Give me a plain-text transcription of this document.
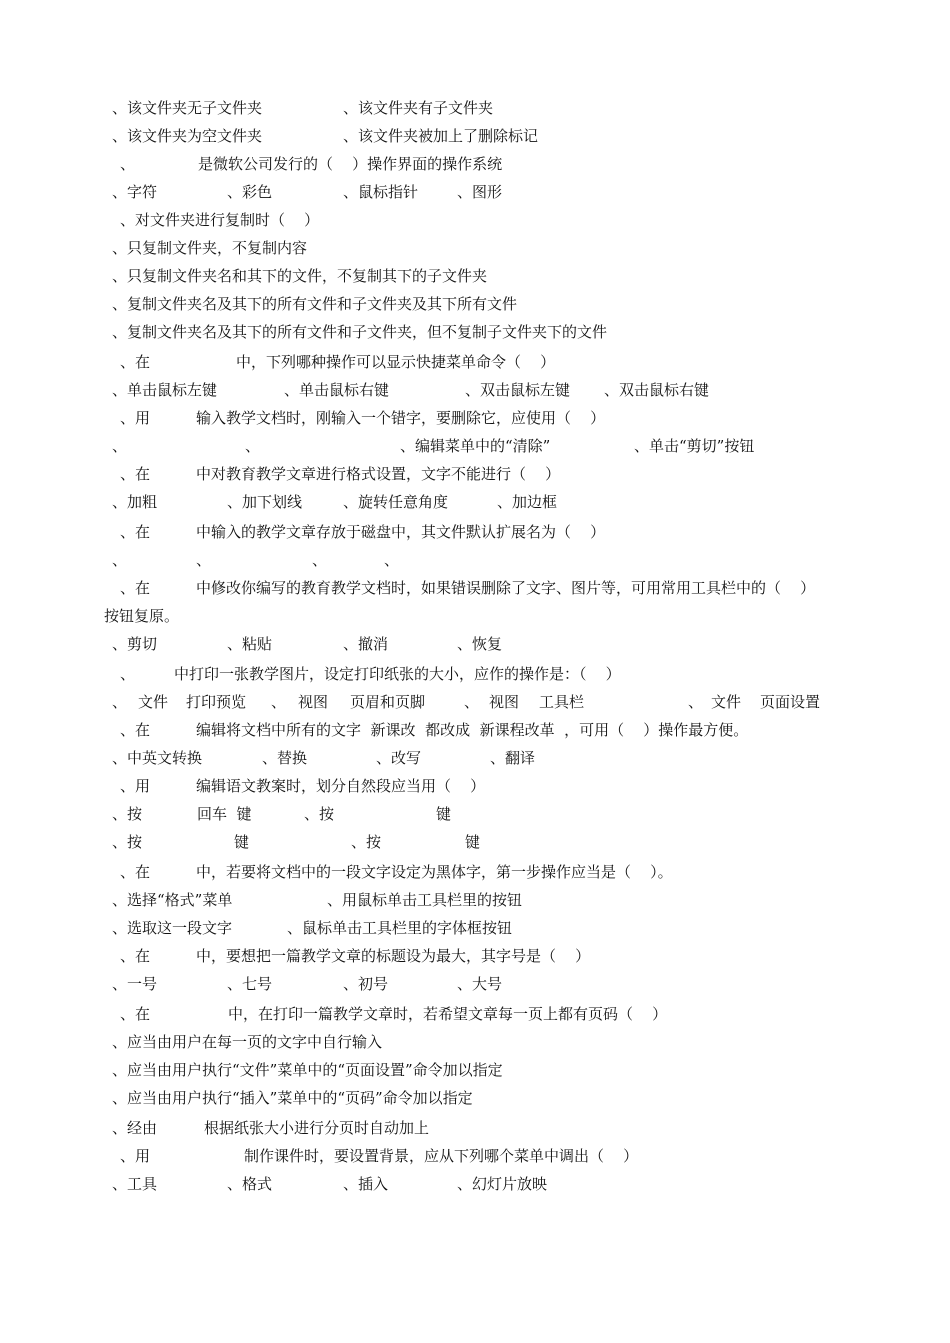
、该文件夹无子文件夹	、该文件夹有子文件夹
、该文件夹为空文件夹	、该文件夹被加上了删除标记
、	是微软公司发行的（    ）操作界面的操作系统
、字符	、彩色	、鼠标指针	、图形
、对文件夹进行复制时（    ）
、只复制文件夹，不复制内容
、只复制文件夹名和其下的文件，不复制其下的子文件夹
、复制文件夹名及其下的所有文件和子文件夹及其下所有文件
、复制文件夹名及其下的所有文件和子文件夹，但不复制子文件夹下的文件
、在	中，下列哪种操作可以显示快捷菜单命令（    ）
、单击鼠标左键	、单击鼠标右键	、双击鼠标左键 、双击鼠标右键
、用	输入教学文档时，刚输入一个错字，要删除它，应使用（    ）
、	、	、编辑菜单中的“清除”	、单击“剪切”按钮
、在	中对教育教学文章进行格式设置，文字不能进行（    ）
、加粗	、加下划线	、旋转任意角度	、加边框
、在	中输入的教学文章存放于磁盘中，其文件默认扩展名为（    ）
、	、	、	、
、在	中修改你编写的教育教学文档时，如果错误删除了文字、图片等，可用常用工具栏中的（    ）
按钮复原。
、剪切	、粘贴	、撤消	、恢复
、	中打印一张教学图片，设定打印纸张的大小，应作的操作是：（    ）
、 文件 打印预览 、 视图 页眉和页脚	、 视图 工具栏	、 文件 页面设置
、在	编辑将文档中所有的文字  新课改  都改成  新课程改革  ，可用（    ）操作最方便。
、中英文转换	、替换	、改写	、翻译
、用	编辑语文教案时，划分自然段应当用（    ）
、按	回车  键	、按	键
、按	键	、按	键
、在	中，若要将文档中的一段文字设定为黑体字，第一步操作应当是（    ）。
、选择“格式”菜单	、用鼠标单击工具栏里的按钮
、选取这一段文字	、鼠标单击工具栏里的字体框按钮
、在	中，要想把一篇教学文章的标题设为最大，其字号是（    ）
、一号	、七号	、初号	、大号
、在	中，在打印一篇教学文章时，若希望文章每一页上都有页码（    ）
、应当由用户在每一页的文字中自行输入
、应当由用户执行“文件”菜单中的“页面设置”命令加以指定
、应当由用户执行“插入”菜单中的“页码”命令加以指定
、经由	根据纸张大小进行分页时自动加上
、用	制作课件时，要设置背景，应从下列哪个菜单中调出（    ）
、工具	、格式	、插入	、幻灯片放映
